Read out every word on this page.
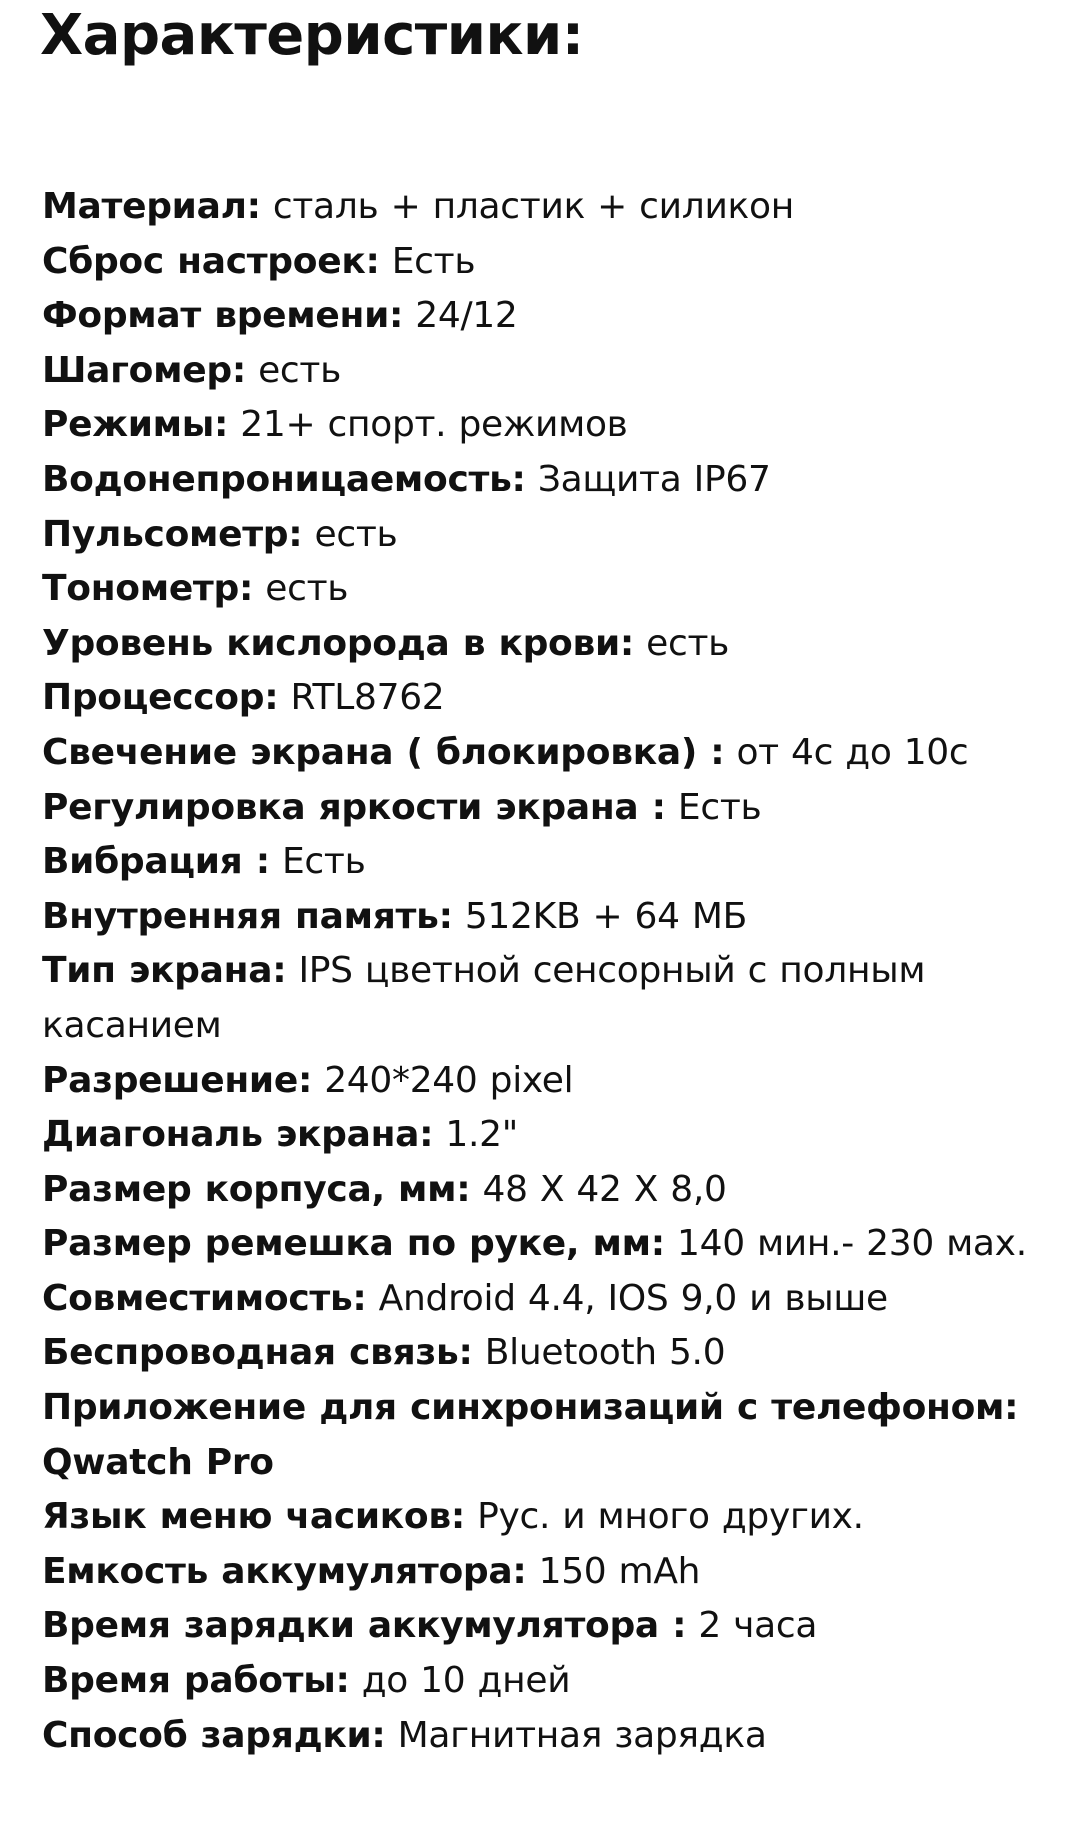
Характеристики:
Материал: сталь + пластик + силикон
Сброс настроек: Есть
Формат времени: 24/12
Шагомер: есть
Режимы: 21+ спорт. режимов
Водонепроницаемость: Защита IP67
Пульсометр: есть
Тонометр: есть
Уровень кислорода в крови: есть
Процессор: RTL8762
Свечение экрана ( блокировка) : от 4с до 10с
Регулировка яркости экрана : Есть
Вибрация : Есть
Внутренняя память: 512KB + 64 МБ
Тип экрана: IPS цветной сенсорный с полным касанием
Разрешение: 240*240 pixel
Диагональ экрана: 1.2"
Размер корпуса, мм: 48 Х 42 Х 8,0
Размер ремешка по руке, мм: 140 мин.- 230 мах.
Совместимость: Android 4.4, IOS 9,0 и выше
Беспроводная связь: Bluetooth 5.0
Приложение для синхронизаций с телефоном: Qwatch Pro
Язык меню часиков: Рус. и много других.
Емкость аккумулятора: 150 mAh
Время зарядки аккумулятора : 2 часа
Время работы: до 10 дней
Способ зарядки: Магнитная зарядка
